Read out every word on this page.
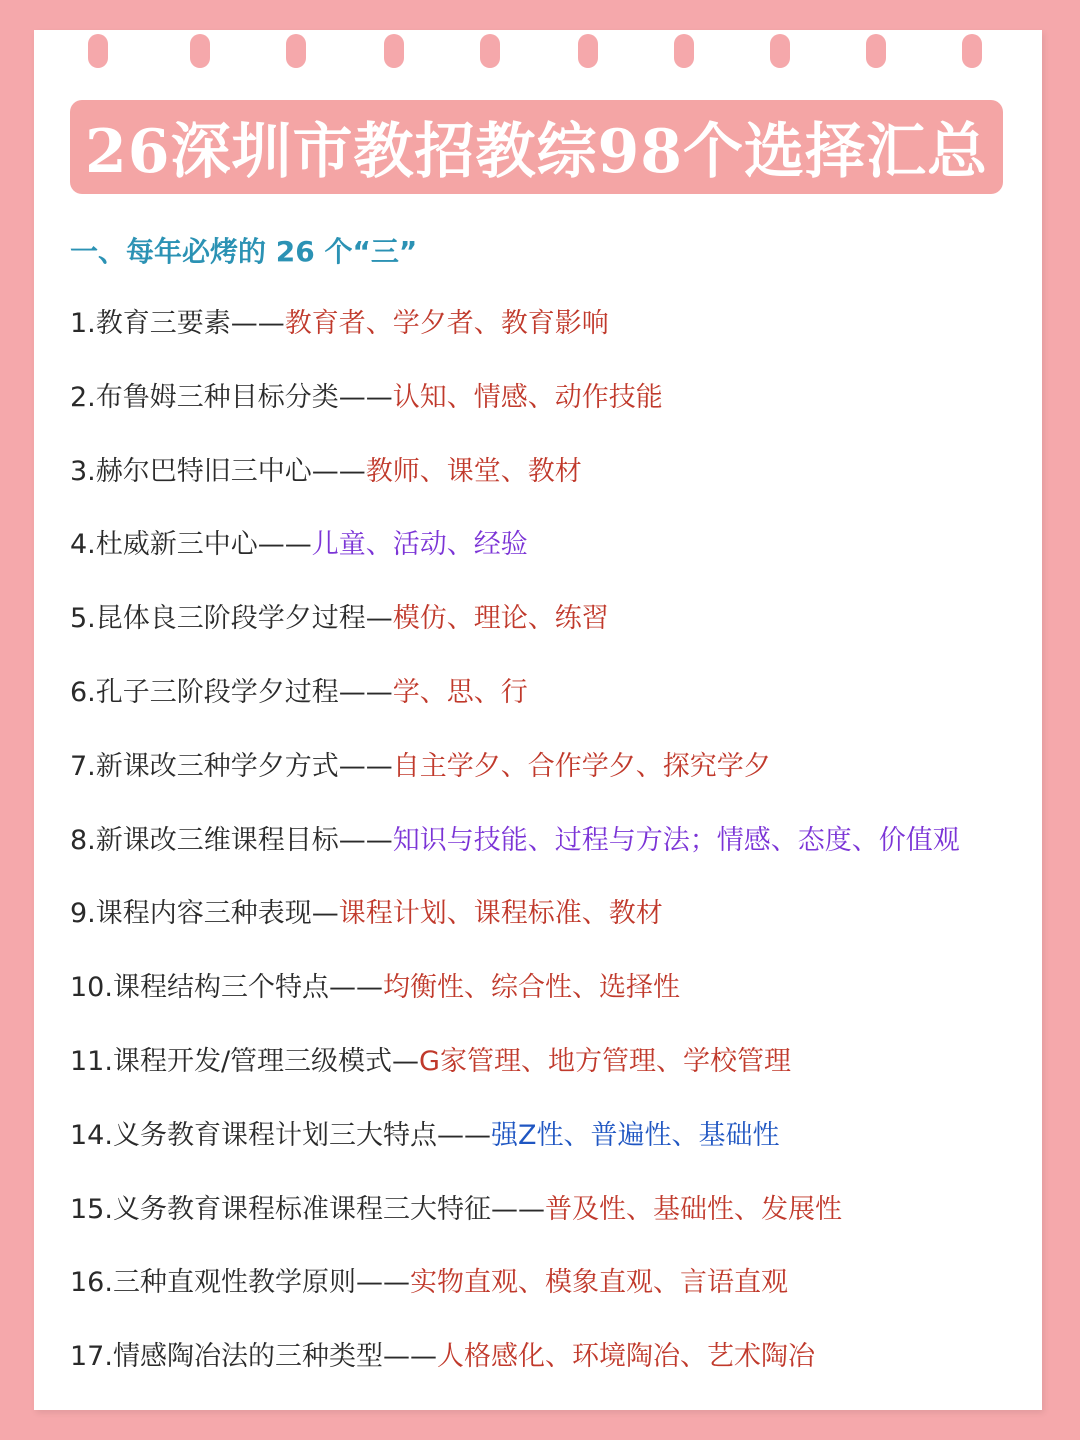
26深圳市教招教综98个选择汇总
一、每年必烤的 26 个“三”
1.教育三要素——教育者、学夕者、教育影响
2.布鲁姆三种目标分类——认知、情感、动作技能
3.赫尔巴特旧三中心——教师、课堂、教材
4.杜威新三中心——儿童、活动、经验
5.昆体良三阶段学夕过程—模仿、理论、练習
6.孔子三阶段学夕过程——学、思、行
7.新课改三种学夕方式——自主学夕、合作学夕、探究学夕
8.新课改三维课程目标——知识与技能、过程与方法；情感、态度、价值观
9.课程内容三种表现—课程计划、课程标准、教材
10.课程结构三个特点——均衡性、综合性、选择性
11.课程开发/管理三级模式—G家管理、地方管理、学校管理
14.义务教育课程计划三大特点——强Z性、普遍性、基础性
15.义务教育课程标准课程三大特征——普及性、基础性、发展性
16.三种直观性教学原则——实物直观、模象直观、言语直观
17.情感陶冶法的三种类型——人格感化、环境陶冶、艺术陶冶
